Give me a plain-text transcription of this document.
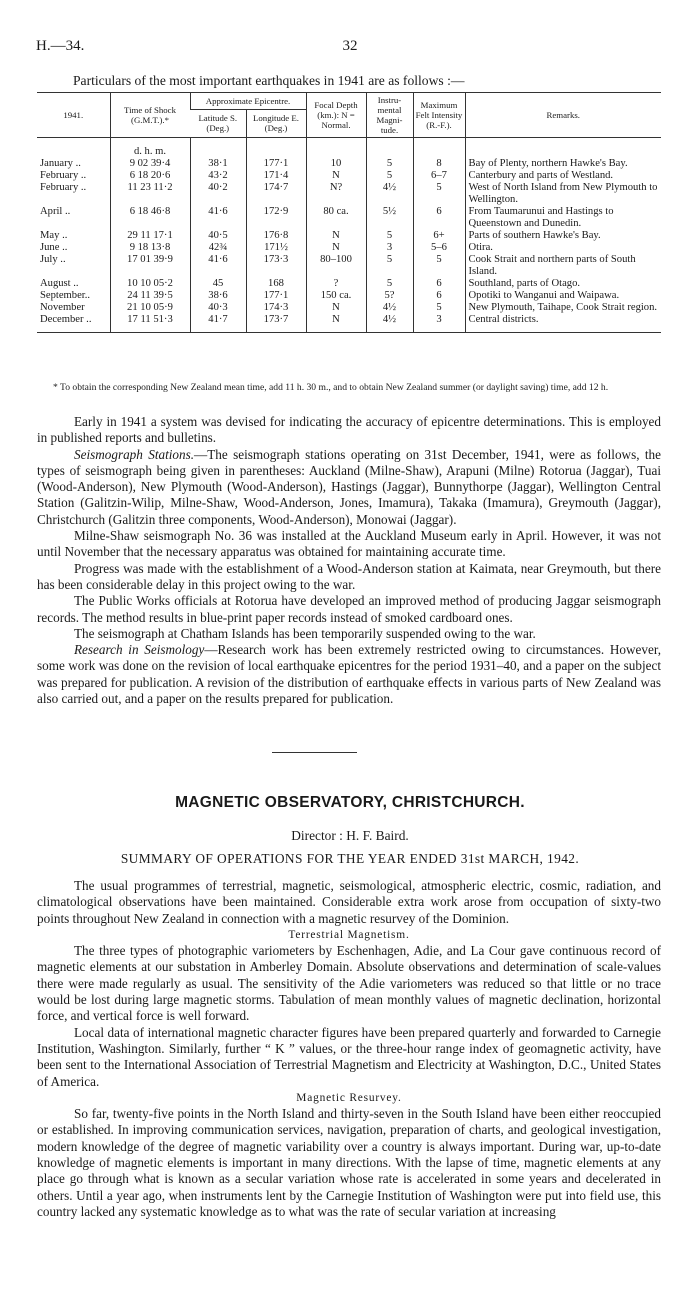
32
H.—34.
Particulars of the most important earthquakes in 1941 are as follows :—
1941.	Time of Shock (G.M.T.).*	Approximate Epicentre.		Focal Depth (km.): N = Normal.	Instru-mental Magni-tude.	Maximum Felt Intensity (R.-F.).	Remarks.
		Latitude S. (Deg.)	Longitude E. (Deg.)				
	d. h. m.						
January ..	9 02 39·4	38·1	177·1	10	5	8	Bay of Plenty, northern Hawke's Bay.
February ..	6 18 20·6	43·2	171·4	N	5	6–7	Canterbury and parts of Westland.
February ..	11 23 11·2	40·2	174·7	N?	4½	5	West of North Island from New Plymouth to Wellington.
April ..	6 18 46·8	41·6	172·9	80 ca.	5½	6	From Taumarunui and Hastings to Queenstown and Dunedin.
May ..	29 11 17·1	40·5	176·8	N	5	6+	Parts of southern Hawke's Bay.
June ..	9 18 13·8	42¾	171½	N	3	5–6	Otira.
July ..	17 01 39·9	41·6	173·3	80–100	5	5	Cook Strait and northern parts of South Island.
August ..	10 10 05·2	45	168	?	5	6	Southland, parts of Otago.
September..	24 11 39·5	38·6	177·1	150 ca.	5?	6	Opotiki to Wanganui and Waipawa.
November	21 10 05·9	40·3	174·3	N	4½	5	New Plymouth, Taihape, Cook Strait region.
December ..	17 11 51·3	41·7	173·7	N	4½	3	Central districts.
* To obtain the corresponding New Zealand mean time, add 11 h. 30 m., and to obtain New Zealand summer (or daylight saving) time, add 12 h.

Early in 1941 a system was devised for indicating the accuracy of epicentre determinations. This is employed in published reports and bulletins.

Seismograph Stations.—The seismograph stations operating on 31st December, 1941, were as follows, the types of seismograph being given in parentheses: Auckland (Milne-Shaw), Arapuni (Milne) Rotorua (Jaggar), Tuai (Wood-Anderson), New Plymouth (Wood-Anderson), Hastings (Jaggar), Bunnythorpe (Jaggar), Wellington Central Station (Galitzin-Wilip, Milne-Shaw, Wood-Anderson, Jones, Imamura), Takaka (Imamura), Greymouth (Jaggar), Christchurch (Galitzin three components, Wood-Anderson), Monowai (Jaggar).

Milne-Shaw seismograph No. 36 was installed at the Auckland Museum early in April. However, it was not until November that the necessary apparatus was obtained for maintaining accurate time.

Progress was made with the establishment of a Wood-Anderson station at Kaimata, near Greymouth, but there has been considerable delay in this project owing to the war.

The Public Works officials at Rotorua have developed an improved method of producing Jaggar seismograph records. The method results in blue-print paper records instead of smoked cardboard ones.

The seismograph at Chatham Islands has been temporarily suspended owing to the war.

Research in Seismology—Research work has been extremely restricted owing to circumstances. However, some work was done on the revision of local earthquake epicentres for the period 1931–40, and a paper on the subject was prepared for publication. A revision of the distribution of earthquake effects in various parts of New Zealand was also carried out, and a paper on the results prepared for publication.

MAGNETIC OBSERVATORY, CHRISTCHURCH.
Director : H. F. Baird.
SUMMARY OF OPERATIONS FOR THE YEAR ENDED 31st MARCH, 1942.

The usual programmes of terrestrial, magnetic, seismological, atmospheric electric, cosmic, radiation, and climatological observations have been maintained. Considerable extra work arose from occupation of sixty-two points throughout New Zealand in connection with a magnetic resurvey of the Dominion.

Terrestrial Magnetism.

The three types of photographic variometers by Eschenhagen, Adie, and La Cour gave continuous record of magnetic elements at our substation in Amberley Domain. Absolute observations and determination of scale-values there were made regularly as usual. The sensitivity of the Adie variometers was reduced so that little or no trace would be lost during large magnetic storms. Tabulation of mean monthly values of magnetic declination, horizontal force, and vertical force is well forward.

Local data of international magnetic character figures have been prepared quarterly and forwarded to Carnegie Institution, Washington. Similarly, further “ K ” values, or the three-hour range index of geomagnetic activity, have been sent to the International Association of Terrestrial Magnetism and Electricity at Washington, D.C., United States of America.

Magnetic Resurvey.

So far, twenty-five points in the North Island and thirty-seven in the South Island have been either reoccupied or established. In improving communication services, navigation, preparation of charts, and geological investigation, modern knowledge of the degree of magnetic variability over a country is always important. During war, up-to-date knowledge of magnetic elements is important in many directions. With the lapse of time, magnetic elements at any place go through what is known as a secular variation whose rate is accelerated in some years and decelerated in others. Until a year ago, when instruments lent by the Carnegie Institution of Washington were put into field use, this country lacked any systematic knowledge as to what was the rate of secular variation at increasing
